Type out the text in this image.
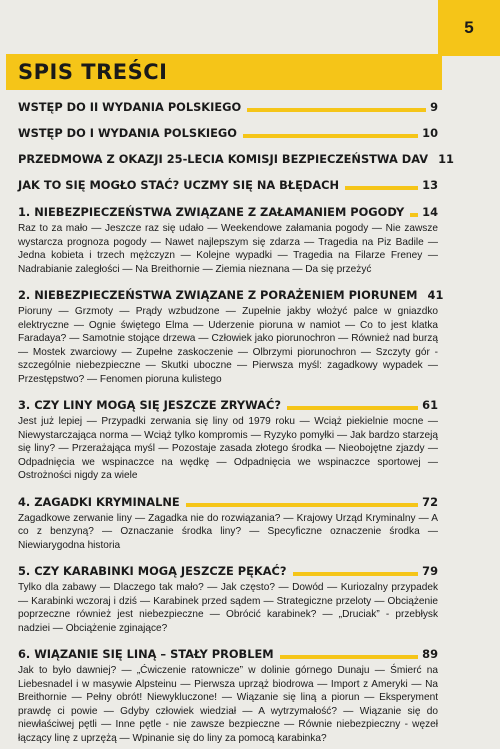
5
SPIS TREŚCI
WSTĘP DO II WYDANIA POLSKIEGO	9
WSTĘP DO I WYDANIA POLSKIEGO	10
PRZEDMOWA Z OKAZJI 25-LECIA KOMISJI BEZPIECZEŃSTWA DAV 11
JAK TO SIĘ MOGŁO STAĆ? UCZMY SIĘ NA BŁĘDACH	13
1. NIEBEZPIECZEŃSTWA ZWIĄZANE Z ZAŁAMANIEM POGODY 14
Raz to za mało — Jeszcze raz się udało — Weekendowe załamania pogody — Nie zawsze wystarcza prognoza pogody — Nawet najlepszym się zdarza — Tragedia na Piz Badile — Jedna kobieta i trzech mężczyzn — Kolejne wypadki — Tragedia na Filarze Freney — Nadrabianie zaległości — Na Breithornie — Ziemia nieznana — Da się przeżyć
2. NIEBEZPIECZEŃSTWA ZWIĄZANE Z PORAŻENIEM PIORUNEM 41
Pioruny — Grzmoty — Prądy wzbudzone — Zupełnie jakby włożyć palce w gniazdko elektryczne — Ognie świętego Elma — Uderzenie pioruna w namiot — Co to jest klatka Faradaya? — Samotnie stojące drzewa — Człowiek jako piorunochron — Również nad burzą — Mostek zwarciowy — Zupełne zaskoczenie — Olbrzymi piorunochron — Szczyty gór - szczególnie niebezpieczne — Skutki uboczne — Pierwsza myśl: zagadkowy wypadek — Przestępstwo? — Fenomen pioruna kulistego
3. CZY LINY MOGĄ SIĘ JESZCZE ZRYWAĆ?	61
Jest już lepiej — Przypadki zerwania się liny od 1979 roku — Wciąż piekielnie mocne — Niewystarczająca norma — Wciąż tylko kompromis — Ryzyko pomyłki — Jak bardzo starzeją się liny? — Przerażająca myśl — Pozostaje zasada złotego środka — Nieobojętne zjazdy — Odpadnięcia we wspinaczce na wędkę — Odpadnięcia we wspinaczce sportowej — Ostrożności nigdy za wiele
4. ZAGADKI KRYMINALNE	72
Zagadkowe zerwanie liny — Zagadka nie do rozwiązania? — Krajowy Urząd Kryminalny — A co z benzyną? — Oznaczanie środka liny? — Specyficzne oznaczenie środka — Niewiarygodna historia
5. CZY KARABINKI MOGĄ JESZCZE PĘKAĆ?	79
Tylko dla zabawy — Dlaczego tak mało? — Jak często? — Dowód — Kuriozalny przypadek — Karabinki wczoraj i dziś — Karabinek przed sądem — Strategiczne przeloty — Obciążenie poprzeczne również jest niebezpieczne — Obrócić karabinek? — „Druciak” - przebłysk nadziei — Obciążenie zginające?
6. WIĄZANIE SIĘ LINĄ – STAŁY PROBLEM	89
Jak to było dawniej? — „Ćwiczenie ratownicze” w dolinie górnego Dunaju — Śmierć na Liebesnadel i w masywie Alpsteinu — Pierwsza uprząż biodrowa — Import z Ameryki — Na Breithornie — Pełny obrót! Niewykluczone! — Wiązanie się liną a piorun — Eksperyment prawdę ci powie — Gdyby człowiek wiedział — A wytrzymałość? — Wiązanie się do niewłaściwej pętli — Inne pętle - nie zawsze bezpieczne — Równie niebezpieczny - węzeł łączący linę z uprzężą — Wpinanie się do liny za pomocą karabinka?
